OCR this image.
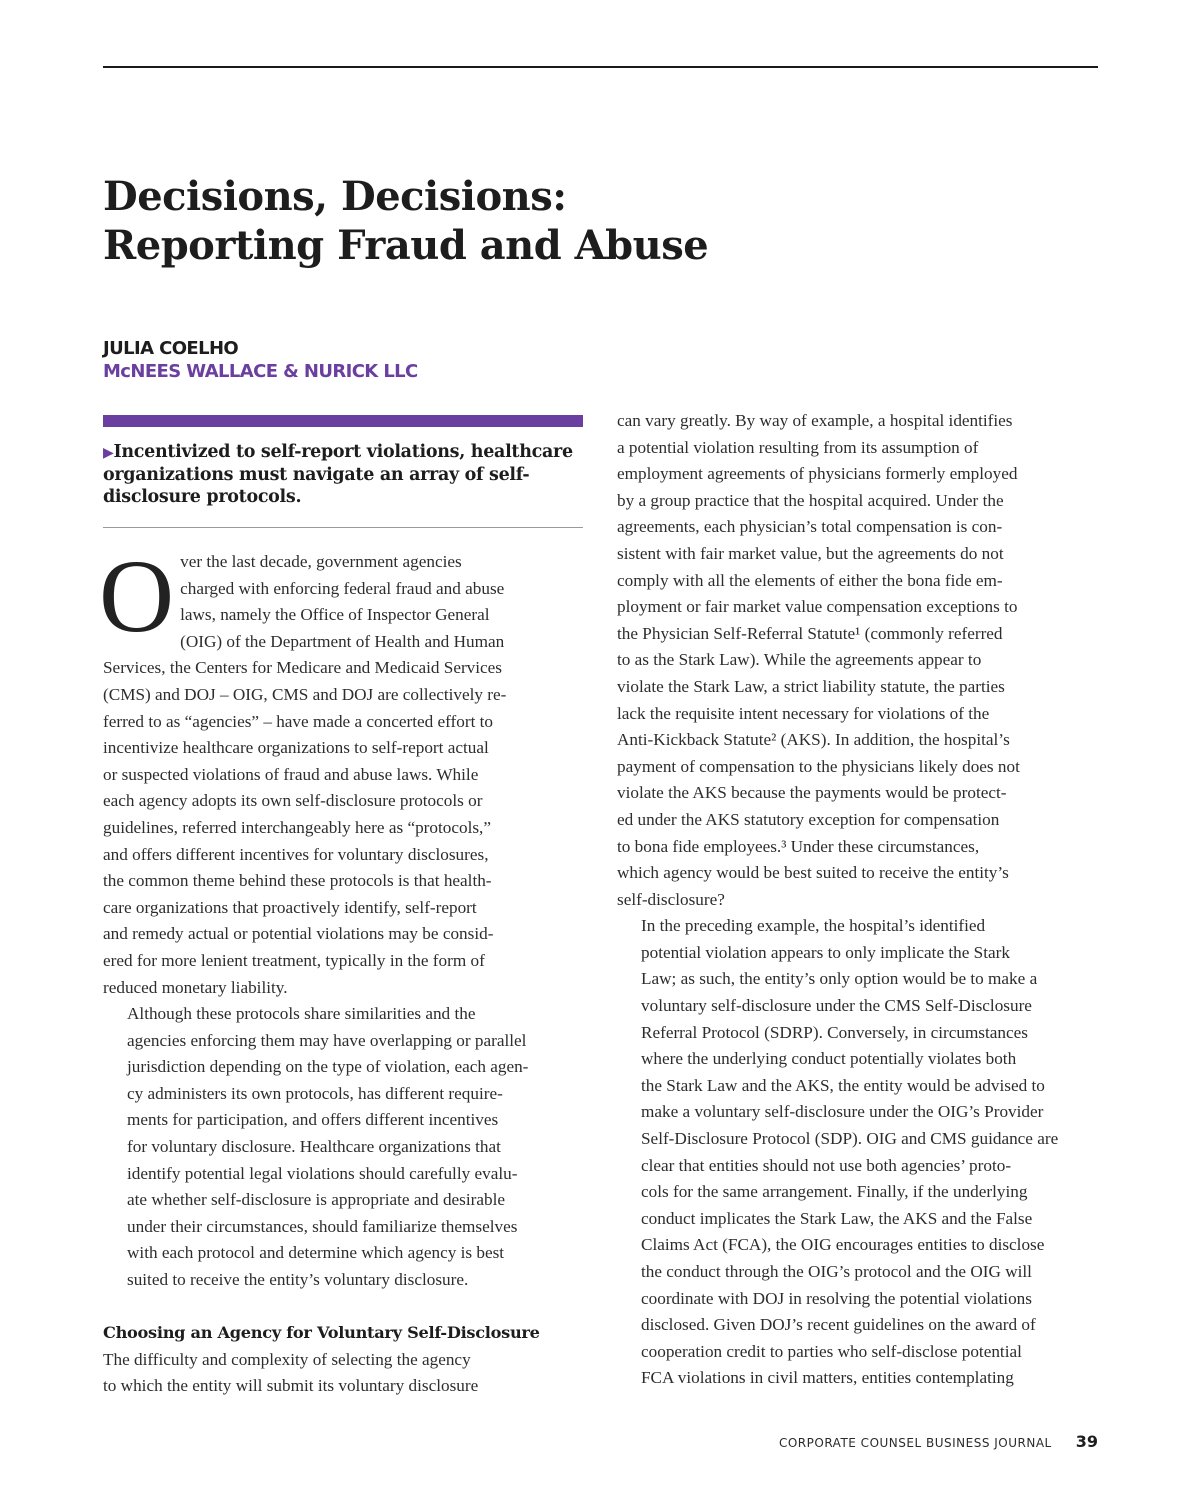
Decisions, Decisions:
Reporting Fraud and Abuse
JULIA COELHO
McNEES WALLACE & NURICK LLC

▶Incentivized to self-report violations, healthcare organizations must navigate an array of self-disclosure protocols.

O ver the last decade, government agencies
charged with enforcing federal fraud and abuse
laws, namely the Office of Inspector General
(OIG) of the Department of Health and Human
Services, the Centers for Medicare and Medicaid Services
(CMS) and DOJ – OIG, CMS and DOJ are collectively re-
ferred to as “agencies” – have made a concerted effort to
incentivize healthcare organizations to self-report actual
or suspected violations of fraud and abuse laws. While
each agency adopts its own self-disclosure protocols or
guidelines, referred interchangeably here as “protocols,”
and offers different incentives for voluntary disclosures,
the common theme behind these protocols is that health-
care organizations that proactively identify, self-report
and remedy actual or potential violations may be consid-
ered for more lenient treatment, typically in the form of
reduced monetary liability.

Although these protocols share similarities and the
agencies enforcing them may have overlapping or parallel
jurisdiction depending on the type of violation, each agen-
cy administers its own protocols, has different require-
ments for participation, and offers different incentives
for voluntary disclosure. Healthcare organizations that
identify potential legal violations should carefully evalu-
ate whether self-disclosure is appropriate and desirable
under their circumstances, should familiarize themselves
with each protocol and determine which agency is best
suited to receive the entity’s voluntary disclosure.

Choosing an Agency for Voluntary Self-Disclosure

The difficulty and complexity of selecting the agency
to which the entity will submit its voluntary disclosure

can vary greatly. By way of example, a hospital identifies
a potential violation resulting from its assumption of
employment agreements of physicians formerly employed
by a group practice that the hospital acquired. Under the
agreements, each physician’s total compensation is con-
sistent with fair market value, but the agreements do not
comply with all the elements of either the bona fide em-
ployment or fair market value compensation exceptions to
the Physician Self-Referral Statute¹ (commonly referred
to as the Stark Law). While the agreements appear to
violate the Stark Law, a strict liability statute, the parties
lack the requisite intent necessary for violations of the
Anti-Kickback Statute² (AKS). In addition, the hospital’s
payment of compensation to the physicians likely does not
violate the AKS because the payments would be protect-
ed under the AKS statutory exception for compensation
to bona fide employees.³ Under these circumstances,
which agency would be best suited to receive the entity’s
self-disclosure?

In the preceding example, the hospital’s identified
potential violation appears to only implicate the Stark
Law; as such, the entity’s only option would be to make a
voluntary self-disclosure under the CMS Self-Disclosure
Referral Protocol (SDRP). Conversely, in circumstances
where the underlying conduct potentially violates both
the Stark Law and the AKS, the entity would be advised to
make a voluntary self-disclosure under the OIG’s Provider
Self-Disclosure Protocol (SDP). OIG and CMS guidance are
clear that entities should not use both agencies’ proto-
cols for the same arrangement. Finally, if the underlying
conduct implicates the Stark Law, the AKS and the False
Claims Act (FCA), the OIG encourages entities to disclose
the conduct through the OIG’s protocol and the OIG will
coordinate with DOJ in resolving the potential violations
disclosed. Given DOJ’s recent guidelines on the award of
cooperation credit to parties who self-disclose potential
FCA violations in civil matters, entities contemplating

CORPORATE COUNSEL BUSINESS JOURNAL 39
